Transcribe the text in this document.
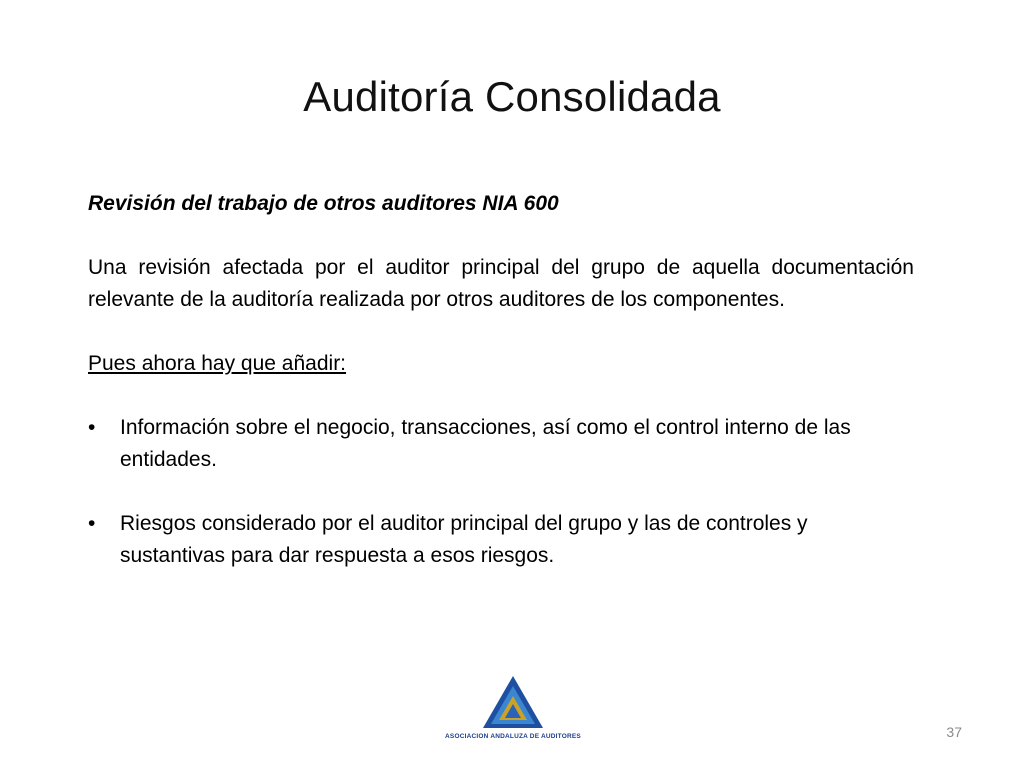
Auditoría Consolidada

Revisión del trabajo de otros auditores NIA 600

Una revisión afectada por el auditor principal del grupo de aquella documentación relevante de la auditoría realizada por otros auditores de los componentes.

Pues ahora hay que añadir:

• Información sobre el negocio, transacciones, así como el control interno de las entidades.
• Riesgos considerado por el auditor principal del grupo y las de controles y sustantivas para dar respuesta a esos riesgos.
ASOCIACION ANDALUZA DE AUDITORES	37
